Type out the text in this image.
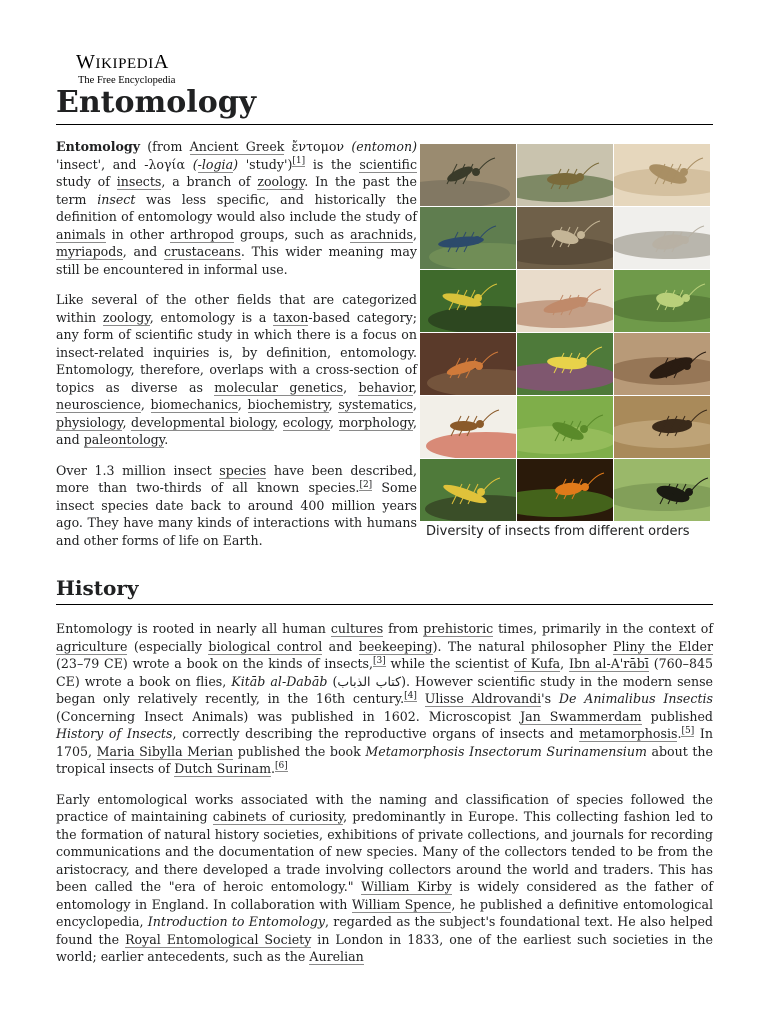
WIKIPEDIA
The Free Encyclopedia
Entomology

Entomology (from Ancient Greek ἔντομον (entomon) 'insect', and -λογία (-logia) 'study')[1] is the scientific study of insects, a branch of zoology. In the past the term insect was less specific, and historically the definition of entomology would also include the study of animals in other arthropod groups, such as arachnids, myriapods, and crustaceans. This wider meaning may still be encountered in informal use.

Like several of the other fields that are categorized within zoology, entomology is a taxon-based category; any form of scientific study in which there is a focus on insect-related inquiries is, by definition, entomology. Entomology, therefore, overlaps with a cross-section of topics as diverse as molecular genetics, behavior, neuroscience, biomechanics, biochemistry, systematics, physiology, developmental biology, ecology, morphology, and paleontology.

Over 1.3 million insect species have been described, more than two-thirds of all known species.[2] Some insect species date back to around 400 million years ago. They have many kinds of interactions with humans and other forms of life on Earth.

Diversity of insects from different orders
History

Entomology is rooted in nearly all human cultures from prehistoric times, primarily in the context of agriculture (especially biological control and beekeeping). The natural philosopher Pliny the Elder (23–79 CE) wrote a book on the kinds of insects,[3] while the scientist of Kufa, Ibn al-A'rābī (760–845 CE) wrote a book on flies, Kitāb al-Dabāb (كتاب الذباب). However scientific study in the modern sense began only relatively recently, in the 16th century.[4] Ulisse Aldrovandi's De Animalibus Insectis (Concerning Insect Animals) was published in 1602. Microscopist Jan Swammerdam published History of Insects, correctly describing the reproductive organs of insects and metamorphosis.[5] In 1705, Maria Sibylla Merian published the book Metamorphosis Insectorum Surinamensium about the tropical insects of Dutch Surinam.[6]

Early entomological works associated with the naming and classification of species followed the practice of maintaining cabinets of curiosity, predominantly in Europe. This collecting fashion led to the formation of natural history societies, exhibitions of private collections, and journals for recording communications and the documentation of new species. Many of the collectors tended to be from the aristocracy, and there developed a trade involving collectors around the world and traders. This has been called the "era of heroic entomology." William Kirby is widely considered as the father of entomology in England. In collaboration with William Spence, he published a definitive entomological encyclopedia, Introduction to Entomology, regarded as the subject's foundational text. He also helped found the Royal Entomological Society in London in 1833, one of the earliest such societies in the world; earlier antecedents, such as the Aurelian
